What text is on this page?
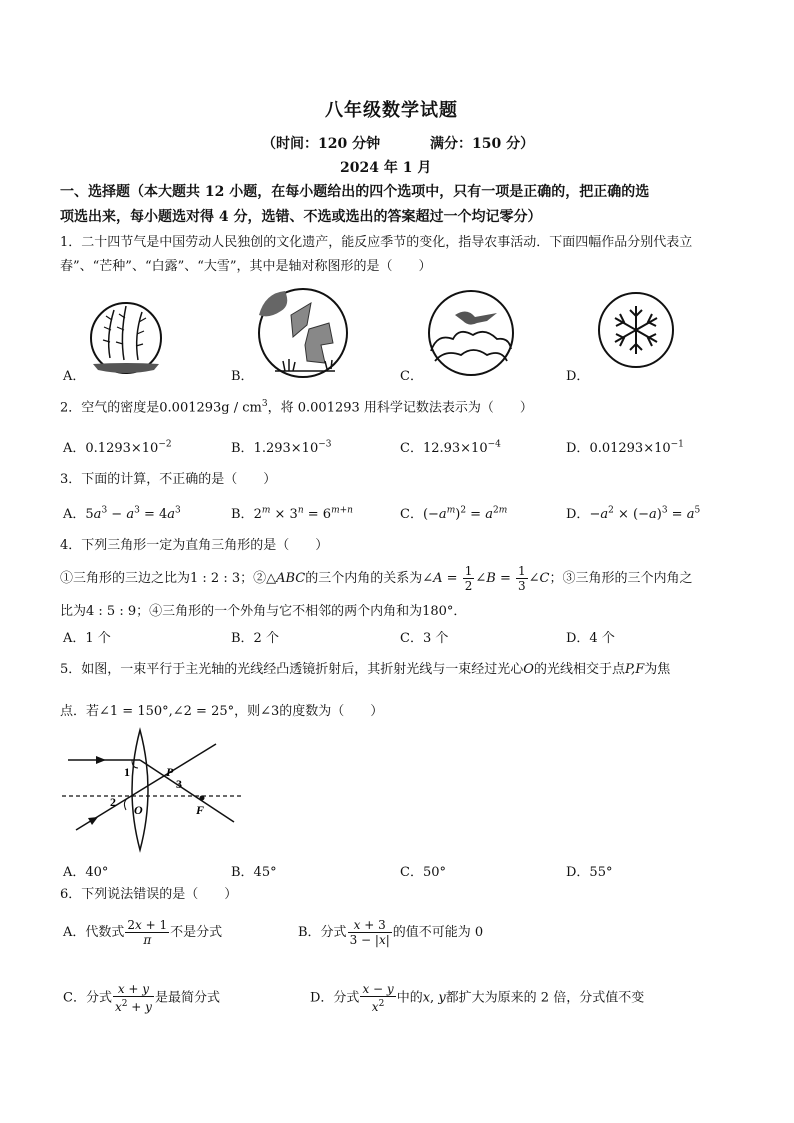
八年级数学试题
（时间：120 分钟	满分：150 分）
2024 年 1 月
一、选择题（本大题共 12 小题，在每小题给出的四个选项中，只有一项是正确的，把正确的选
项选出来，每小题选对得 4 分，选错、不选或选出的答案超过一个均记零分）
1．二十四节气是中国劳动人民独创的文化遗产，能反应季节的变化，指导农事活动．下面四幅作品分别代表立
春”、“芒种”、“白露”、“大雪”，其中是轴对称图形的是（　　）
A．	B．	C．	D．
2．空气的密度是$0.001293g / cm^3$，将 0.001293 用科学记数法表示为（　　）
A．$0.1293\times 10^{-2}$	B．$1.293\times 10^{-3}$	C．$12.93\times 10^{-4}$	D．$0.01293\times 10^{-1}$
3．下面的计算，不正确的是（　　）
A．$5a^3 - a^3 = 4a^3$	B．$2^m \times 3^n = 6^{m+n}$	C．$(-a^m)^2 = a^{2m}$	D．$-a^2 \times (-a)^3 = a^5$
4．下列三角形一定为直角三角形的是（　　）
①三角形的三边之比为1 : 2 : 3；②△ABC的三个内角的关系为∠A = $\frac{1}{2}$ ∠B = $\frac{1}{3}$ ∠C；③三角形的三个内角之
比为4 : 5 : 9；④三角形的一个外角与它不相邻的两个内角和为180°．
A．1 个	B．2 个	C．3 个	D．4 个
5．如图，一束平行于主光轴的光线经凸透镜折射后，其折射光线与一束经过光心O的光线相交于点P,F为焦
点．若∠1 = 150°,∠2 = 25°，则∠3的度数为（　　）
1
2
3
O
P
F
A．40°	B．45°	C．50°	D．55°
6．下列说法错误的是（　　）
A．代数式 $\frac{2x + 1}{\pi}$ 不是分式	B．分式 $\frac{x + 3}{3 - |x|}$ 的值不可能为 0
C．分式 $\frac{x + y}{x^2 + y}$ 是最简分式	D．分式 $\frac{x - y}{x^2}$ 中的x, y都扩大为原来的 2 倍，分式值不变
